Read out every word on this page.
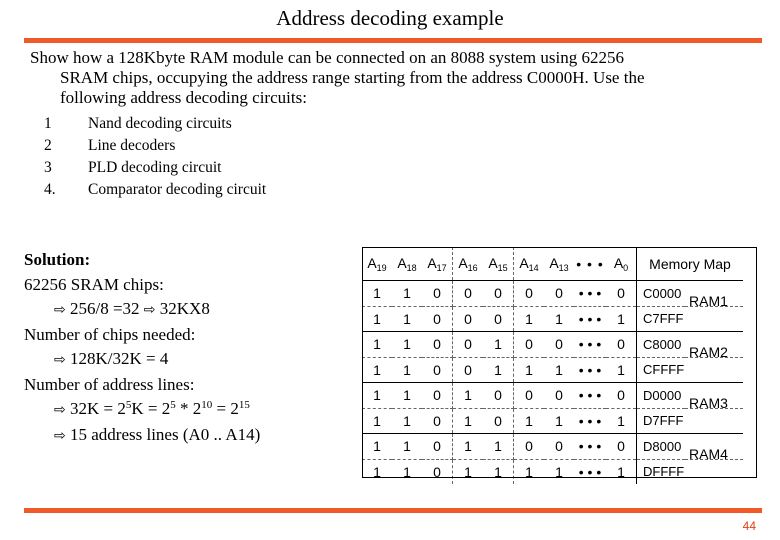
Address decoding example
Show how a 128Kbyte RAM module can be connected on an 8088 system using 62256
SRAM chips, occupying the address range starting from the address C0000H. Use the
following address decoding circuits:
1	Nand decoding circuits
2	Line decoders
3	PLD decoding circuit
4.	Comparator decoding circuit
Solution:
62256 SRAM chips:
⇨ 256/8 =32 ⇨ 32KX8
Number of chips needed:
⇨ 128K/32K = 4
Number of address lines:
⇨ $32K = 2^5K = 2^5 * 2^{10} = 2^{15}$
⇨ 15 address lines (A0 .. A14)
$A_{19}$	$A_{18}$	$A_{17}$	$A_{16}$	$A_{15}$	$A_{14}$	$A_{13}$	• • •	$A_0$	Memory Map	
1	1	0	0	0	0	0	• • •	0	C0000	RAM1

1	1	0	0	0	1	1	• • •	1	C7FFF	
1	1	0	0	1	0	0	• • •	0	C8000	RAM2

1	1	0	0	1	1	1	• • •	1	CFFFF	
1	1	0	1	0	0	0	• • •	0	D0000	RAM3

1	1	0	1	0	1	1	• • •	1	D7FFF	
1	1	0	1	1	0	0	• • •	0	D8000	RAM4

1	1	0	1	1	1	1	• • •	1	DFFFF	
44
